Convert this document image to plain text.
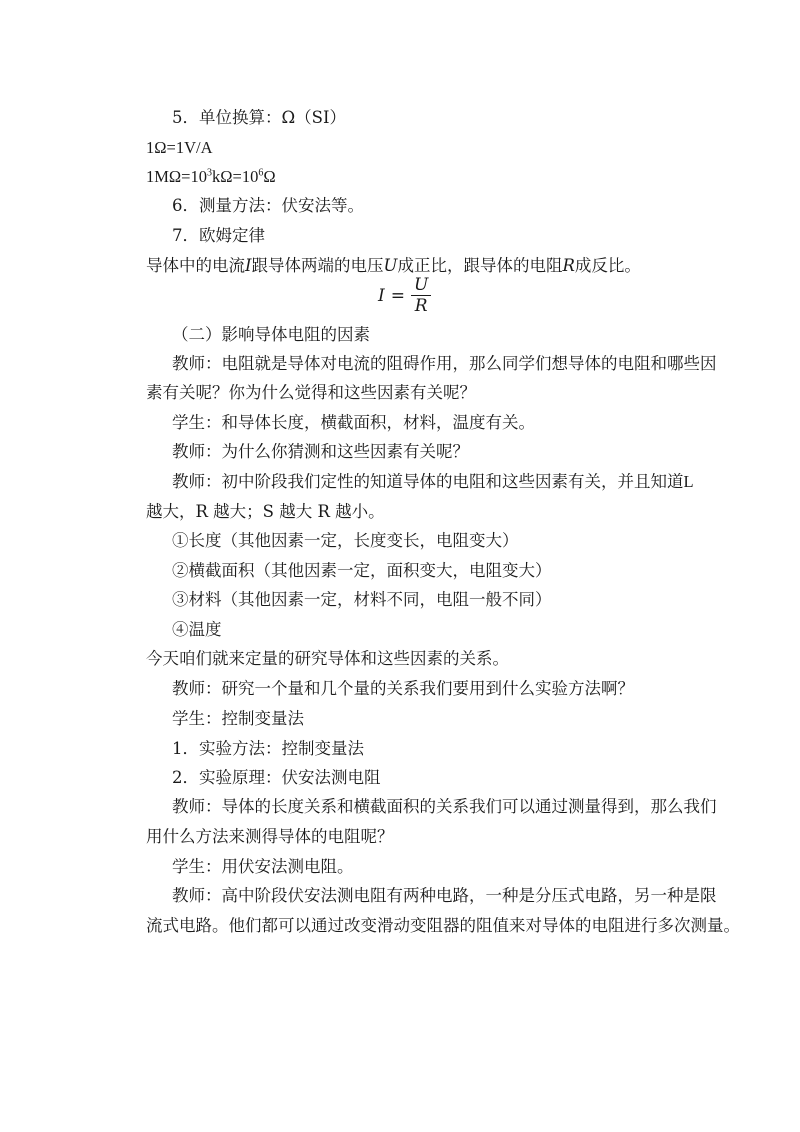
5．单位换算：Ω（SI）
1Ω=1V/A
$1M\Omega=10^3k\Omega=10^6\Omega$
6．测量方法：伏安法等。
7．欧姆定律
导体中的电流I跟导体两端的电压U成正比，跟导体的电阻R成反比。
$I = \frac{U}{R}$
（二）影响导体电阻的因素
教师：电阻就是导体对电流的阻碍作用，那么同学们想导体的电阻和哪些因
素有关呢？你为什么觉得和这些因素有关呢？
学生：和导体长度，横截面积，材料，温度有关。
教师：为什么你猜测和这些因素有关呢？
教师：初中阶段我们定性的知道导体的电阻和这些因素有关，并且知道 L
越大，R 越大；S 越大 R 越小。
①长度（其他因素一定，长度变长，电阻变大）
②横截面积（其他因素一定，面积变大，电阻变大）
③材料（其他因素一定，材料不同，电阻一般不同）
④温度
今天咱们就来定量的研究导体和这些因素的关系。
教师：研究一个量和几个量的关系我们要用到什么实验方法啊？
学生：控制变量法
1．实验方法：控制变量法
2．实验原理：伏安法测电阻
教师：导体的长度关系和横截面积的关系我们可以通过测量得到，那么我们
用什么方法来测得导体的电阻呢？
学生：用伏安法测电阻。
教师：高中阶段伏安法测电阻有两种电路，一种是分压式电路，另一种是限
流式电路。他们都可以通过改变滑动变阻器的阻值来对导体的电阻进行多次测量。
